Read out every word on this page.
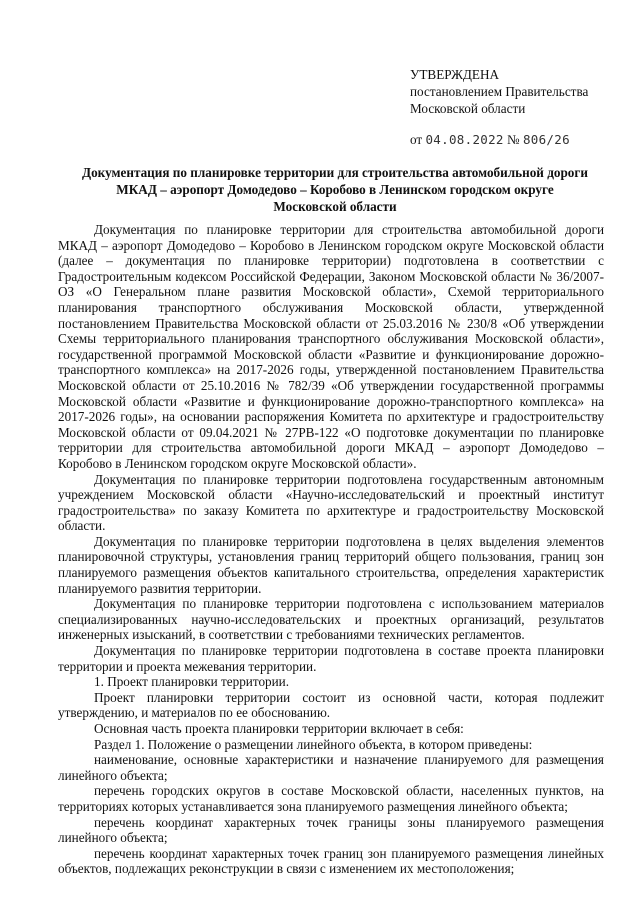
УТВЕРЖДЕНА
постановлением Правительства
Московской области
от 04.08.2022 № 806/26
Документация по планировке территории для строительства автомобильной дороги
МКАД – аэропорт Домодедово – Коробово в Ленинском городском округе
Московской области

Документация по планировке территории для строительства автомобильной дороги МКАД – аэропорт Домодедово – Коробово в Ленинском городском округе Московской области (далее – документация по планировке территории) подготовлена в соответствии с Градостроительным кодексом Российской Федерации, Законом Московской области № 36/2007-ОЗ «О Генеральном плане развития Московской области», Схемой территориального планирования транспортного обслуживания Московской области, утвержденной постановлением Правительства Московской области от 25.03.2016 № 230/8 «Об утверждении Схемы территориального планирования транспортного обслуживания Московской области», государственной программой Московской области «Развитие и функционирование дорожно-транспортного комплекса» на 2017-2026 годы, утвержденной постановлением Правительства Московской области от 25.10.2016 № 782/39 «Об утверждении государственной программы Московской области «Развитие и функционирование дорожно-транспортного комплекса» на 2017-2026 годы», на основании распоряжения Комитета по архитектуре и градостроительству Московской области от 09.04.2021 № 27РВ-122 «О подготовке документации по планировке территории для строительства автомобильной дороги МКАД – аэропорт Домодедово – Коробово в Ленинском городском округе Московской области».

Документация по планировке территории подготовлена государственным автономным учреждением Московской области «Научно-исследовательский и проектный институт градостроительства» по заказу Комитета по архитектуре и градостроительству Московской области.

Документация по планировке территории подготовлена в целях выделения элементов планировочной структуры, установления границ территорий общего пользования, границ зон планируемого размещения объектов капитального строительства, определения характеристик планируемого развития территории.

Документация по планировке территории подготовлена с использованием материалов специализированных научно-исследовательских и проектных организаций, результатов инженерных изысканий, в соответствии с требованиями технических регламентов.

Документация по планировке территории подготовлена в составе проекта планировки территории и проекта межевания территории.

1. Проект планировки территории.

Проект планировки территории состоит из основной части, которая подлежит утверждению, и материалов по ее обоснованию.

Основная часть проекта планировки территории включает в себя:

Раздел 1. Положение о размещении линейного объекта, в котором приведены:

наименование, основные характеристики и назначение планируемого для размещения линейного объекта;

перечень городских округов в составе Московской области, населенных пунктов, на территориях которых устанавливается зона планируемого размещения линейного объекта;

перечень координат характерных точек границы зоны планируемого размещения линейного объекта;

перечень координат характерных точек границ зон планируемого размещения линейных объектов, подлежащих реконструкции в связи с изменением их местоположения;
